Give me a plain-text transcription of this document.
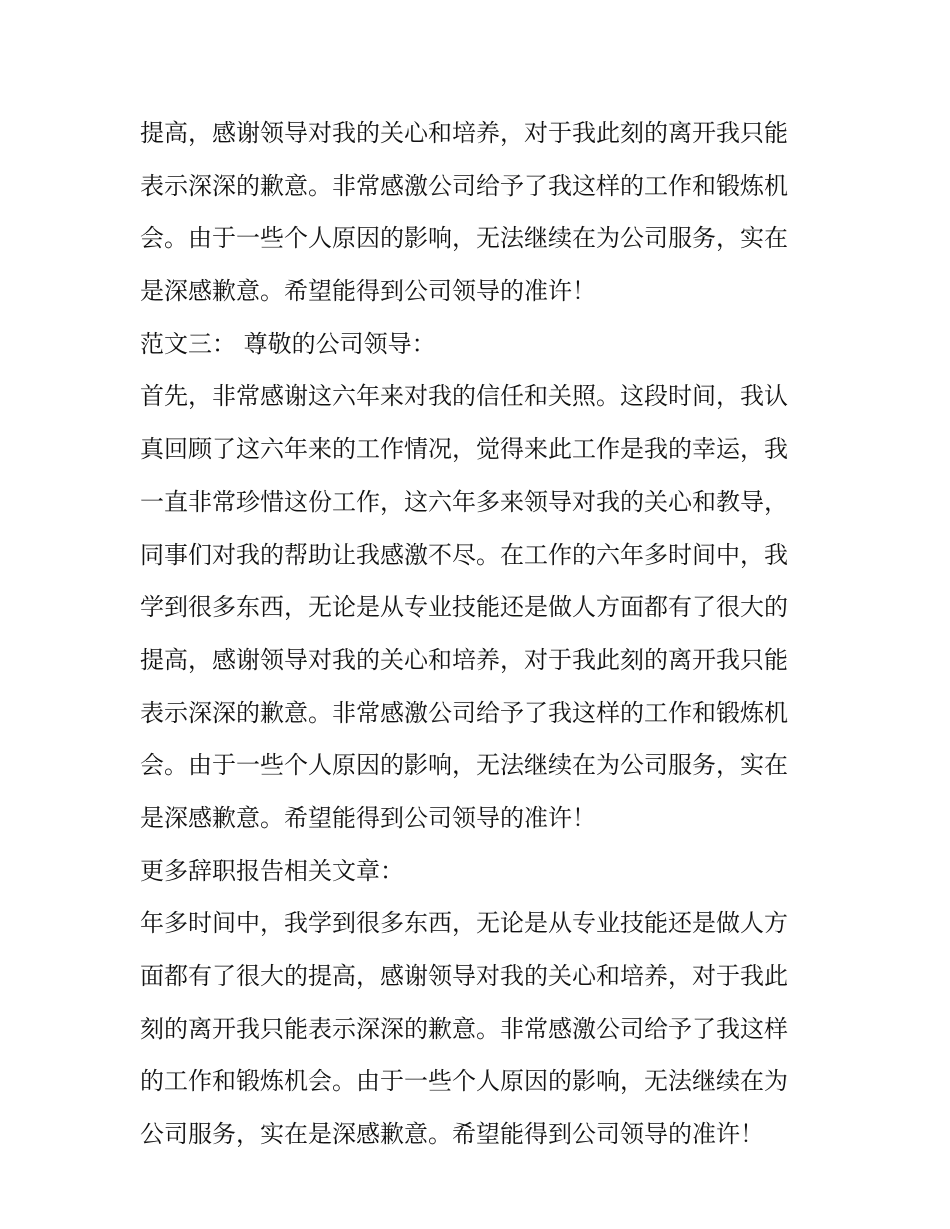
提高，感谢领导对我的关心和培养，对于我此刻的离开我只能
表示深深的歉意。非常感激公司给予了我这样的工作和锻炼机
会。由于一些个人原因的影响，无法继续在为公司服务，实在
是深感歉意。希望能得到公司领导的准许！
范文三： 尊敬的公司领导：
首先，非常感谢这六年来对我的信任和关照。这段时间，我认
真回顾了这六年来的工作情况，觉得来此工作是我的幸运，我
一直非常珍惜这份工作，这六年多来领导对我的关心和教导，
同事们对我的帮助让我感激不尽。在工作的六年多时间中，我
学到很多东西，无论是从专业技能还是做人方面都有了很大的
提高，感谢领导对我的关心和培养，对于我此刻的离开我只能
表示深深的歉意。非常感激公司给予了我这样的工作和锻炼机
会。由于一些个人原因的影响，无法继续在为公司服务，实在
是深感歉意。希望能得到公司领导的准许！
更多辞职报告相关文章：
年多时间中，我学到很多东西，无论是从专业技能还是做人方
面都有了很大的提高，感谢领导对我的关心和培养，对于我此
刻的离开我只能表示深深的歉意。非常感激公司给予了我这样
的工作和锻炼机会。由于一些个人原因的影响，无法继续在为
公司服务，实在是深感歉意。希望能得到公司领导的准许！
